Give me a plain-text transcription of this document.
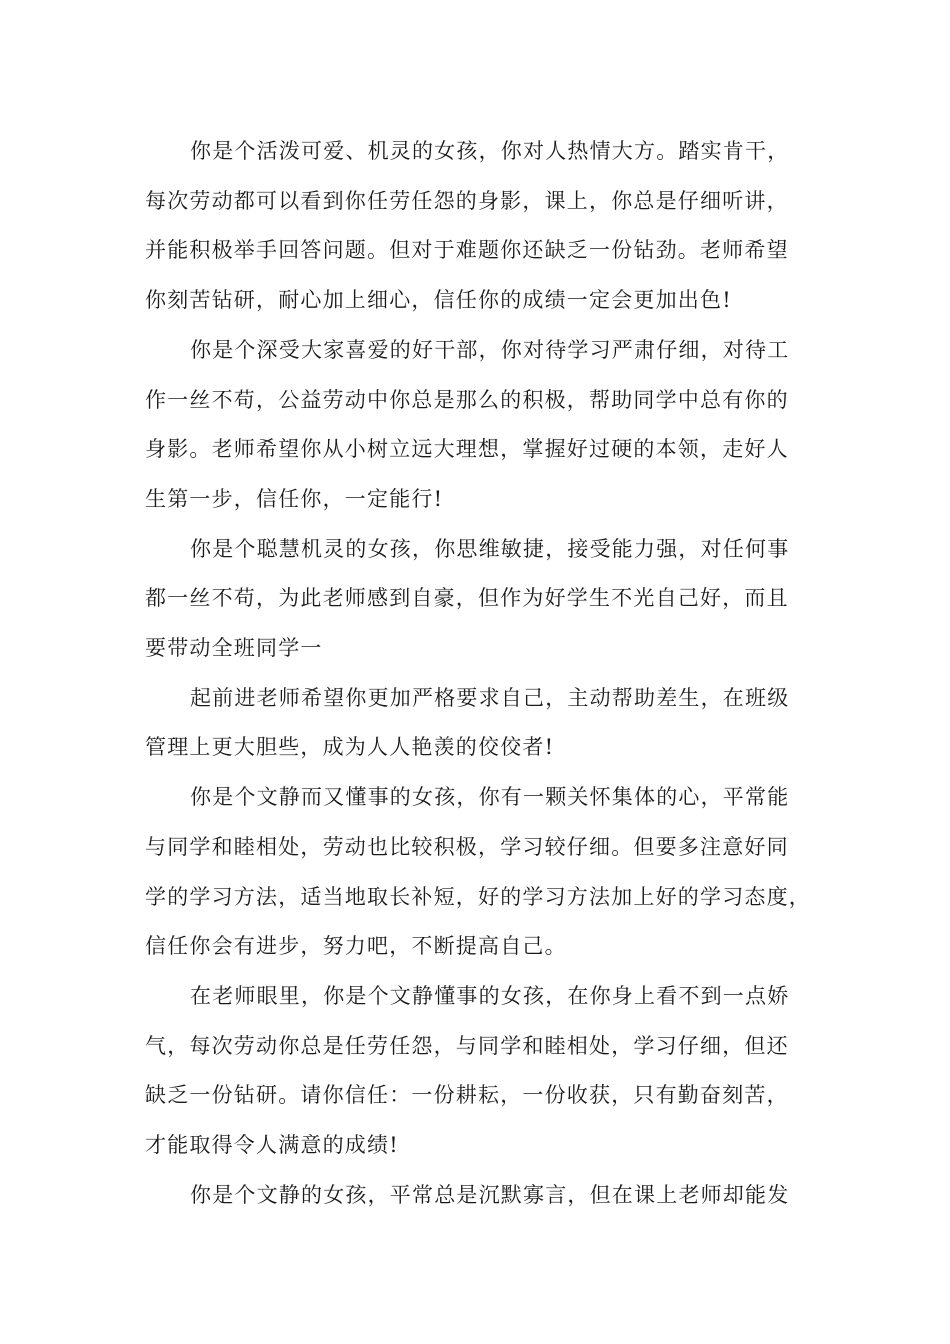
你是个活泼可爱、机灵的女孩，你对人热情大方。踏实肯干，

每次劳动都可以看到你任劳任怨的身影，课上，你总是仔细听讲，

并能积极举手回答问题。但对于难题你还缺乏一份钻劲。老师希望

你刻苦钻研，耐心加上细心，信任你的成绩一定会更加出色!

你是个深受大家喜爱的好干部，你对待学习严肃仔细，对待工

作一丝不苟，公益劳动中你总是那么的积极，帮助同学中总有你的

身影。老师希望你从小树立远大理想，掌握好过硬的本领，走好人

生第一步，信任你，一定能行!

你是个聪慧机灵的女孩，你思维敏捷，接受能力强，对任何事

都一丝不苟，为此老师感到自豪，但作为好学生不光自己好，而且

要带动全班同学一

起前进老师希望你更加严格要求自己，主动帮助差生，在班级

管理上更大胆些，成为人人艳羡的佼佼者!

你是个文静而又懂事的女孩，你有一颗关怀集体的心，平常能

与同学和睦相处，劳动也比较积极，学习较仔细。但要多注意好同

学的学习方法，适当地取长补短，好的学习方法加上好的学习态度，

信任你会有进步，努力吧，不断提高自己。

在老师眼里，你是个文静懂事的女孩，在你身上看不到一点娇

气，每次劳动你总是任劳任怨，与同学和睦相处，学习仔细，但还

缺乏一份钻研。请你信任：一份耕耘，一份收获，只有勤奋刻苦，

才能取得令人满意的成绩!

你是个文静的女孩，平常总是沉默寡言，但在课上老师却能发
